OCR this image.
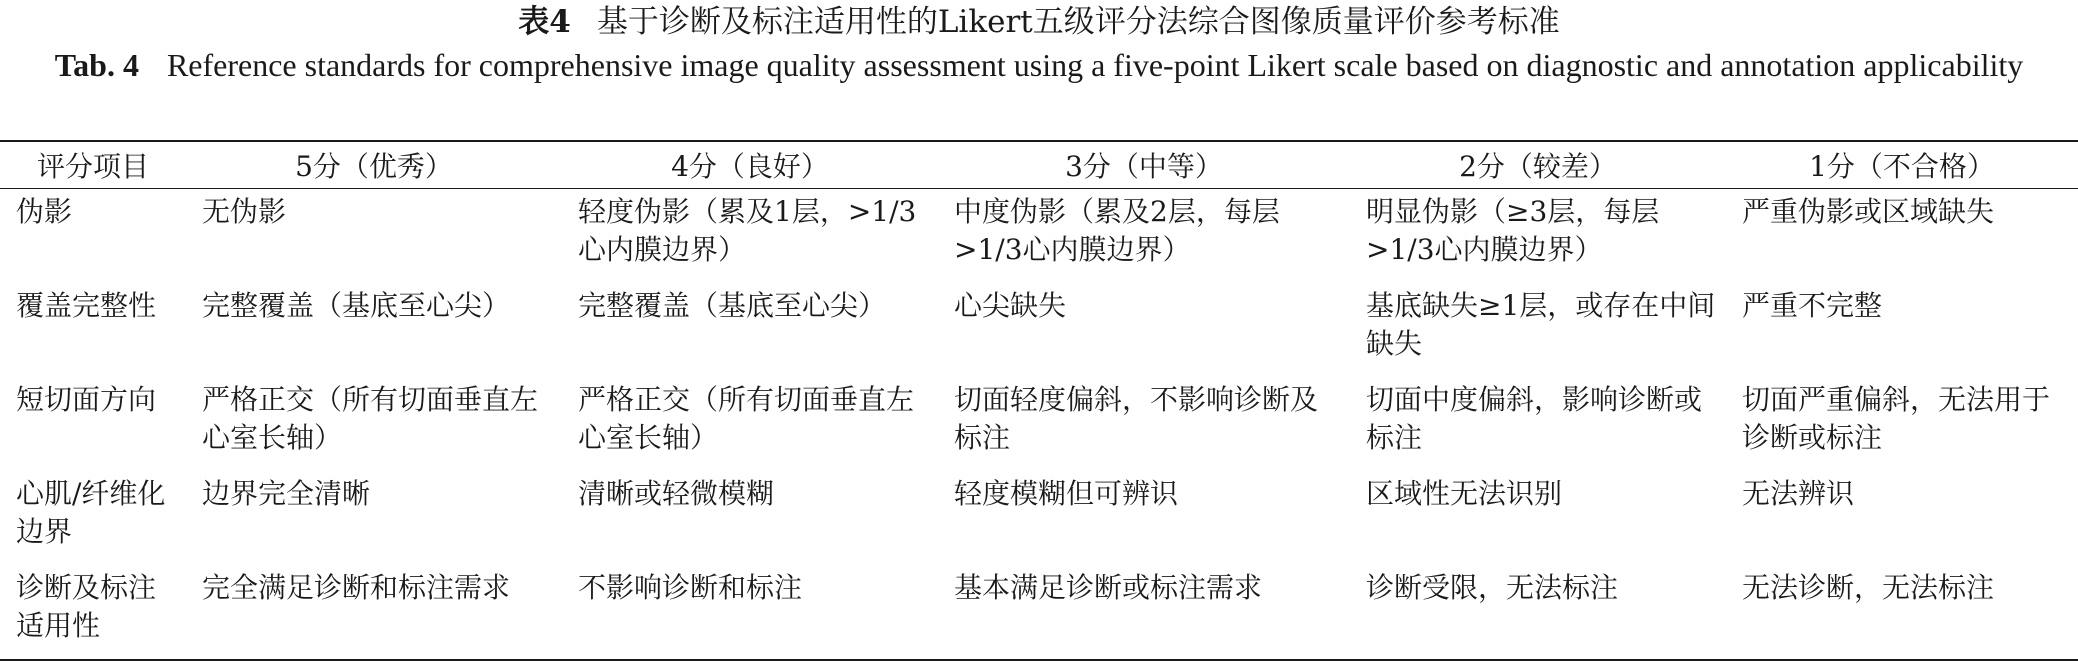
表4 基于诊断及标注适用性的Likert五级评分法综合图像质量评价参考标准
Tab. 4 Reference standards for comprehensive image quality assessment using a five-point Likert scale based on diagnostic and annotation applicability
评分项目	5分（优秀）	4分（良好）	3分（中等）	2分（较差）	1分（不合格）
伪影	无伪影	轻度伪影（累及1层，>1/3心内膜边界）	中度伪影（累及2层，每层>1/3心内膜边界）	明显伪影（≥3层，每层>1/3心内膜边界）	严重伪影或区域缺失
覆盖完整性	完整覆盖（基底至心尖）	完整覆盖（基底至心尖）	心尖缺失	基底缺失≥1层，或存在中间缺失	严重不完整
短切面方向	严格正交（所有切面垂直左心室长轴）	严格正交（所有切面垂直左心室长轴）	切面轻度偏斜，不影响诊断及标注	切面中度偏斜，影响诊断或标注	切面严重偏斜，无法用于诊断或标注
心肌/纤维化边界	边界完全清晰	清晰或轻微模糊	轻度模糊但可辨识	区域性无法识别	无法辨识
诊断及标注适用性	完全满足诊断和标注需求	不影响诊断和标注	基本满足诊断或标注需求	诊断受限，无法标注	无法诊断，无法标注
